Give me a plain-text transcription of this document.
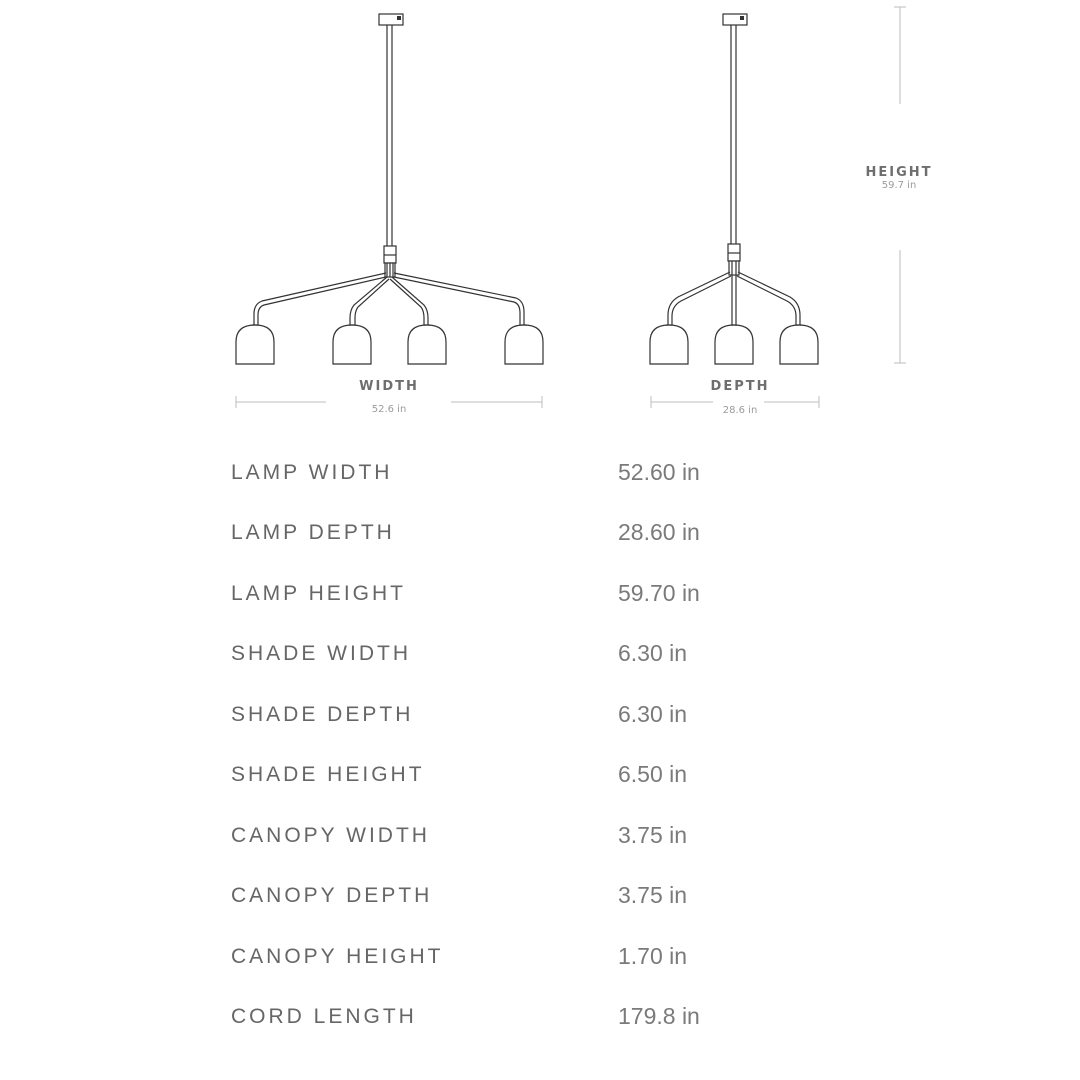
WIDTH
52.6 in
DEPTH
28.6 in
HEIGHT
59.7 in
LAMP WIDTH	52.60 in
LAMP DEPTH	28.60 in
LAMP HEIGHT	59.70 in
SHADE WIDTH	6.30 in
SHADE DEPTH	6.30 in
SHADE HEIGHT	6.50 in
CANOPY WIDTH	3.75 in
CANOPY DEPTH	3.75 in
CANOPY HEIGHT	1.70 in
CORD LENGTH	179.8 in
